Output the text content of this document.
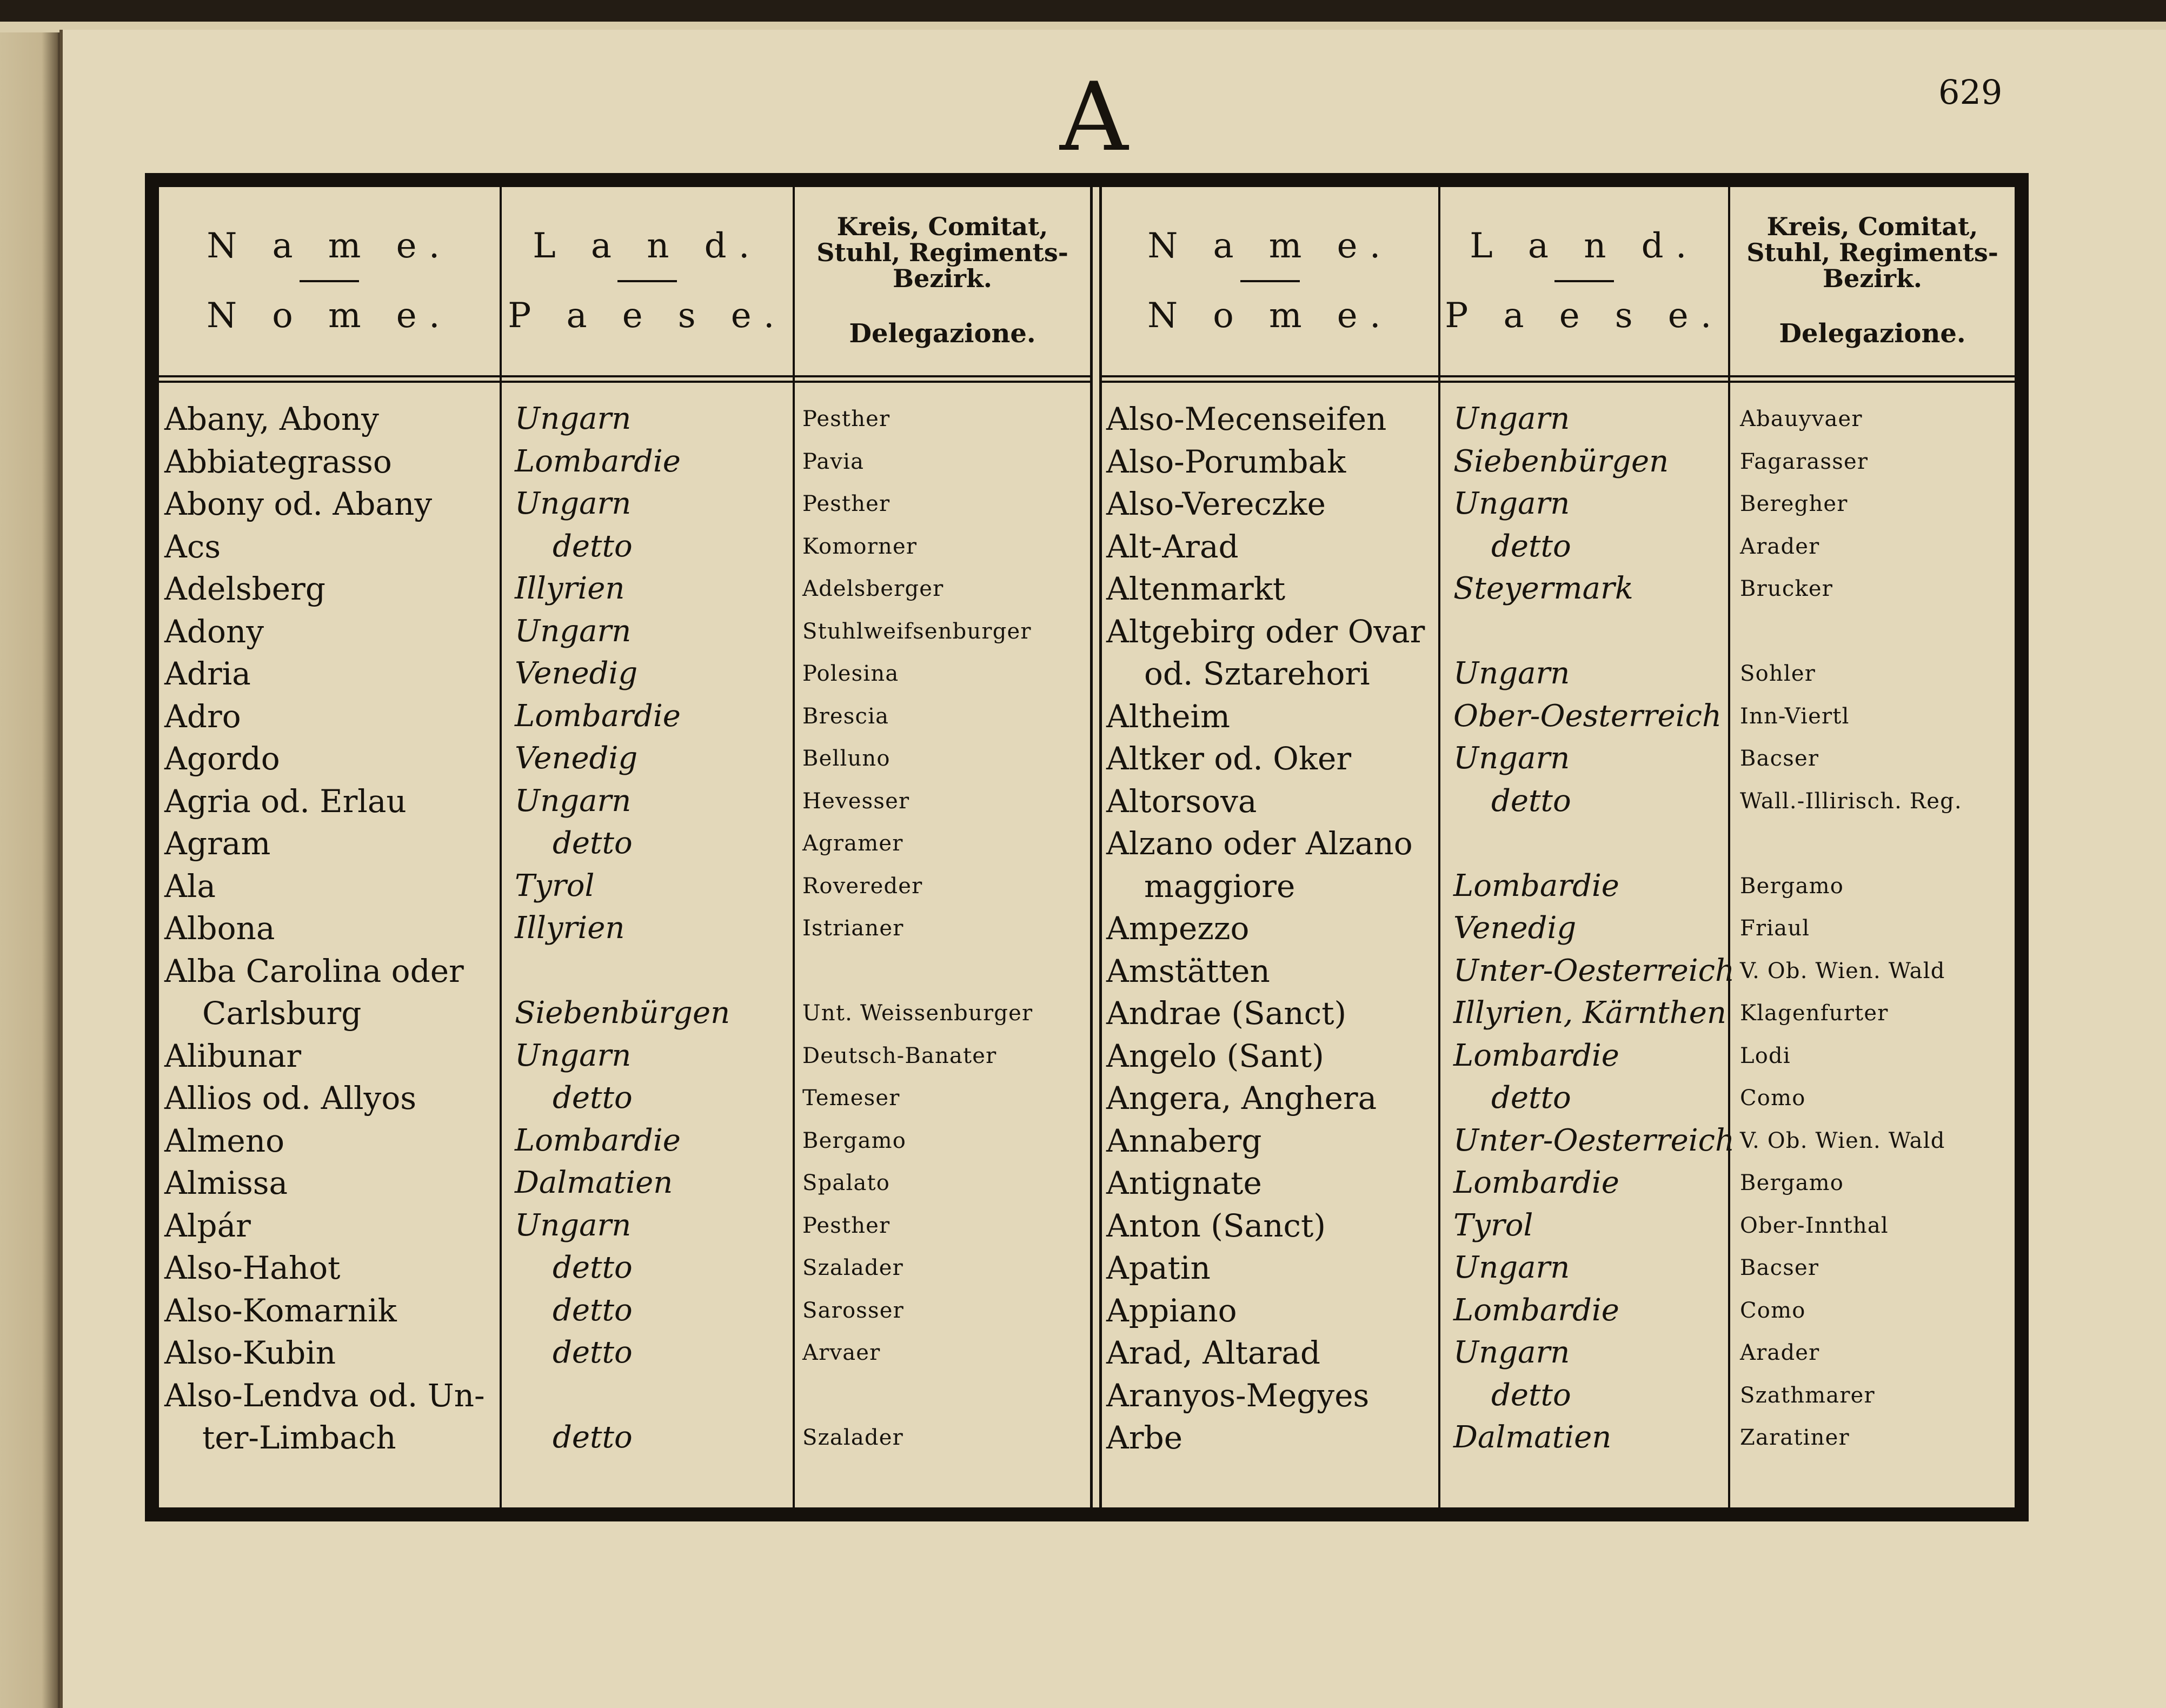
A	629
N a m e.
N o m e.
L a n d.
P a e s e.
Kreis, Comitat,
Stuhl, Regiments-
Bezirk.
Delegazione.
Abany, Abony	Ungarn	Pesther
Abbiategrasso	Lombardie	Pavia
Abony od. Abany	Ungarn	Pesther
Acs	detto	Komorner
Adelsberg	Illyrien	Adelsberger
Adony	Ungarn	Stuhlweifsenburger
Adria	Venedig	Polesina
Adro	Lombardie	Brescia
Agordo	Venedig	Belluno
Agria od. Erlau	Ungarn	Hevesser
Agram	detto	Agramer
Ala	Tyrol	Rovereder
Albona	Illyrien	Istrianer
Alba Carolina oder
Carlsburg	Siebenbürgen	Unt. Weissenburger
Alibunar	Ungarn	Deutsch-Banater
Allios od. Allyos	detto	Temeser
Almeno	Lombardie	Bergamo
Almissa	Dalmatien	Spalato
Alpár	Ungarn	Pesther
Also-Hahot	detto	Szalader
Also-Komarnik	detto	Sarosser
Also-Kubin	detto	Arvaer
Also-Lendva od. Un-
ter-Limbach	detto	Szalader
N a m e.
N o m e.
L a n d.
P a e s e.
Kreis, Comitat,
Stuhl, Regiments-
Bezirk.
Delegazione.
Also-Mecenseifen Ungarn	Abauyvaer
Also-Porumbak	Siebenbürgen	Fagarasser
Also-Vereczke	Ungarn	Beregher
Alt-Arad	detto	Arader
Altenmarkt	Steyermark	Brucker
Altgebirg oder Ovar
od. Sztarehori	Ungarn	Sohler
Altheim	Ober-Oesterreich Inn-Viertl
Altker od. Oker	Ungarn	Bacser
Altorsova	detto	Wall.-Illirisch. Reg.
Alzano oder Alzano
maggiore	Lombardie	Bergamo
Ampezzo	Venedig	Friaul
Amstätten	Unter-Oesterreich V. Ob. Wien. Wald
Andrae (Sanct)	Illyrien, Kärnthen Klagenfurter
Angelo (Sant)	Lombardie	Lodi
Angera, Anghera	detto	Como
Annaberg	Unter-Oesterreich V. Ob. Wien. Wald
Antignate	Lombardie	Bergamo
Anton (Sanct)	Tyrol	Ober-Innthal
Apatin	Ungarn	Bacser
Appiano	Lombardie	Como
Arad, Altarad	Ungarn	Arader
Aranyos-Megyes	detto	Szathmarer
Arbe	Dalmatien	Zaratiner
